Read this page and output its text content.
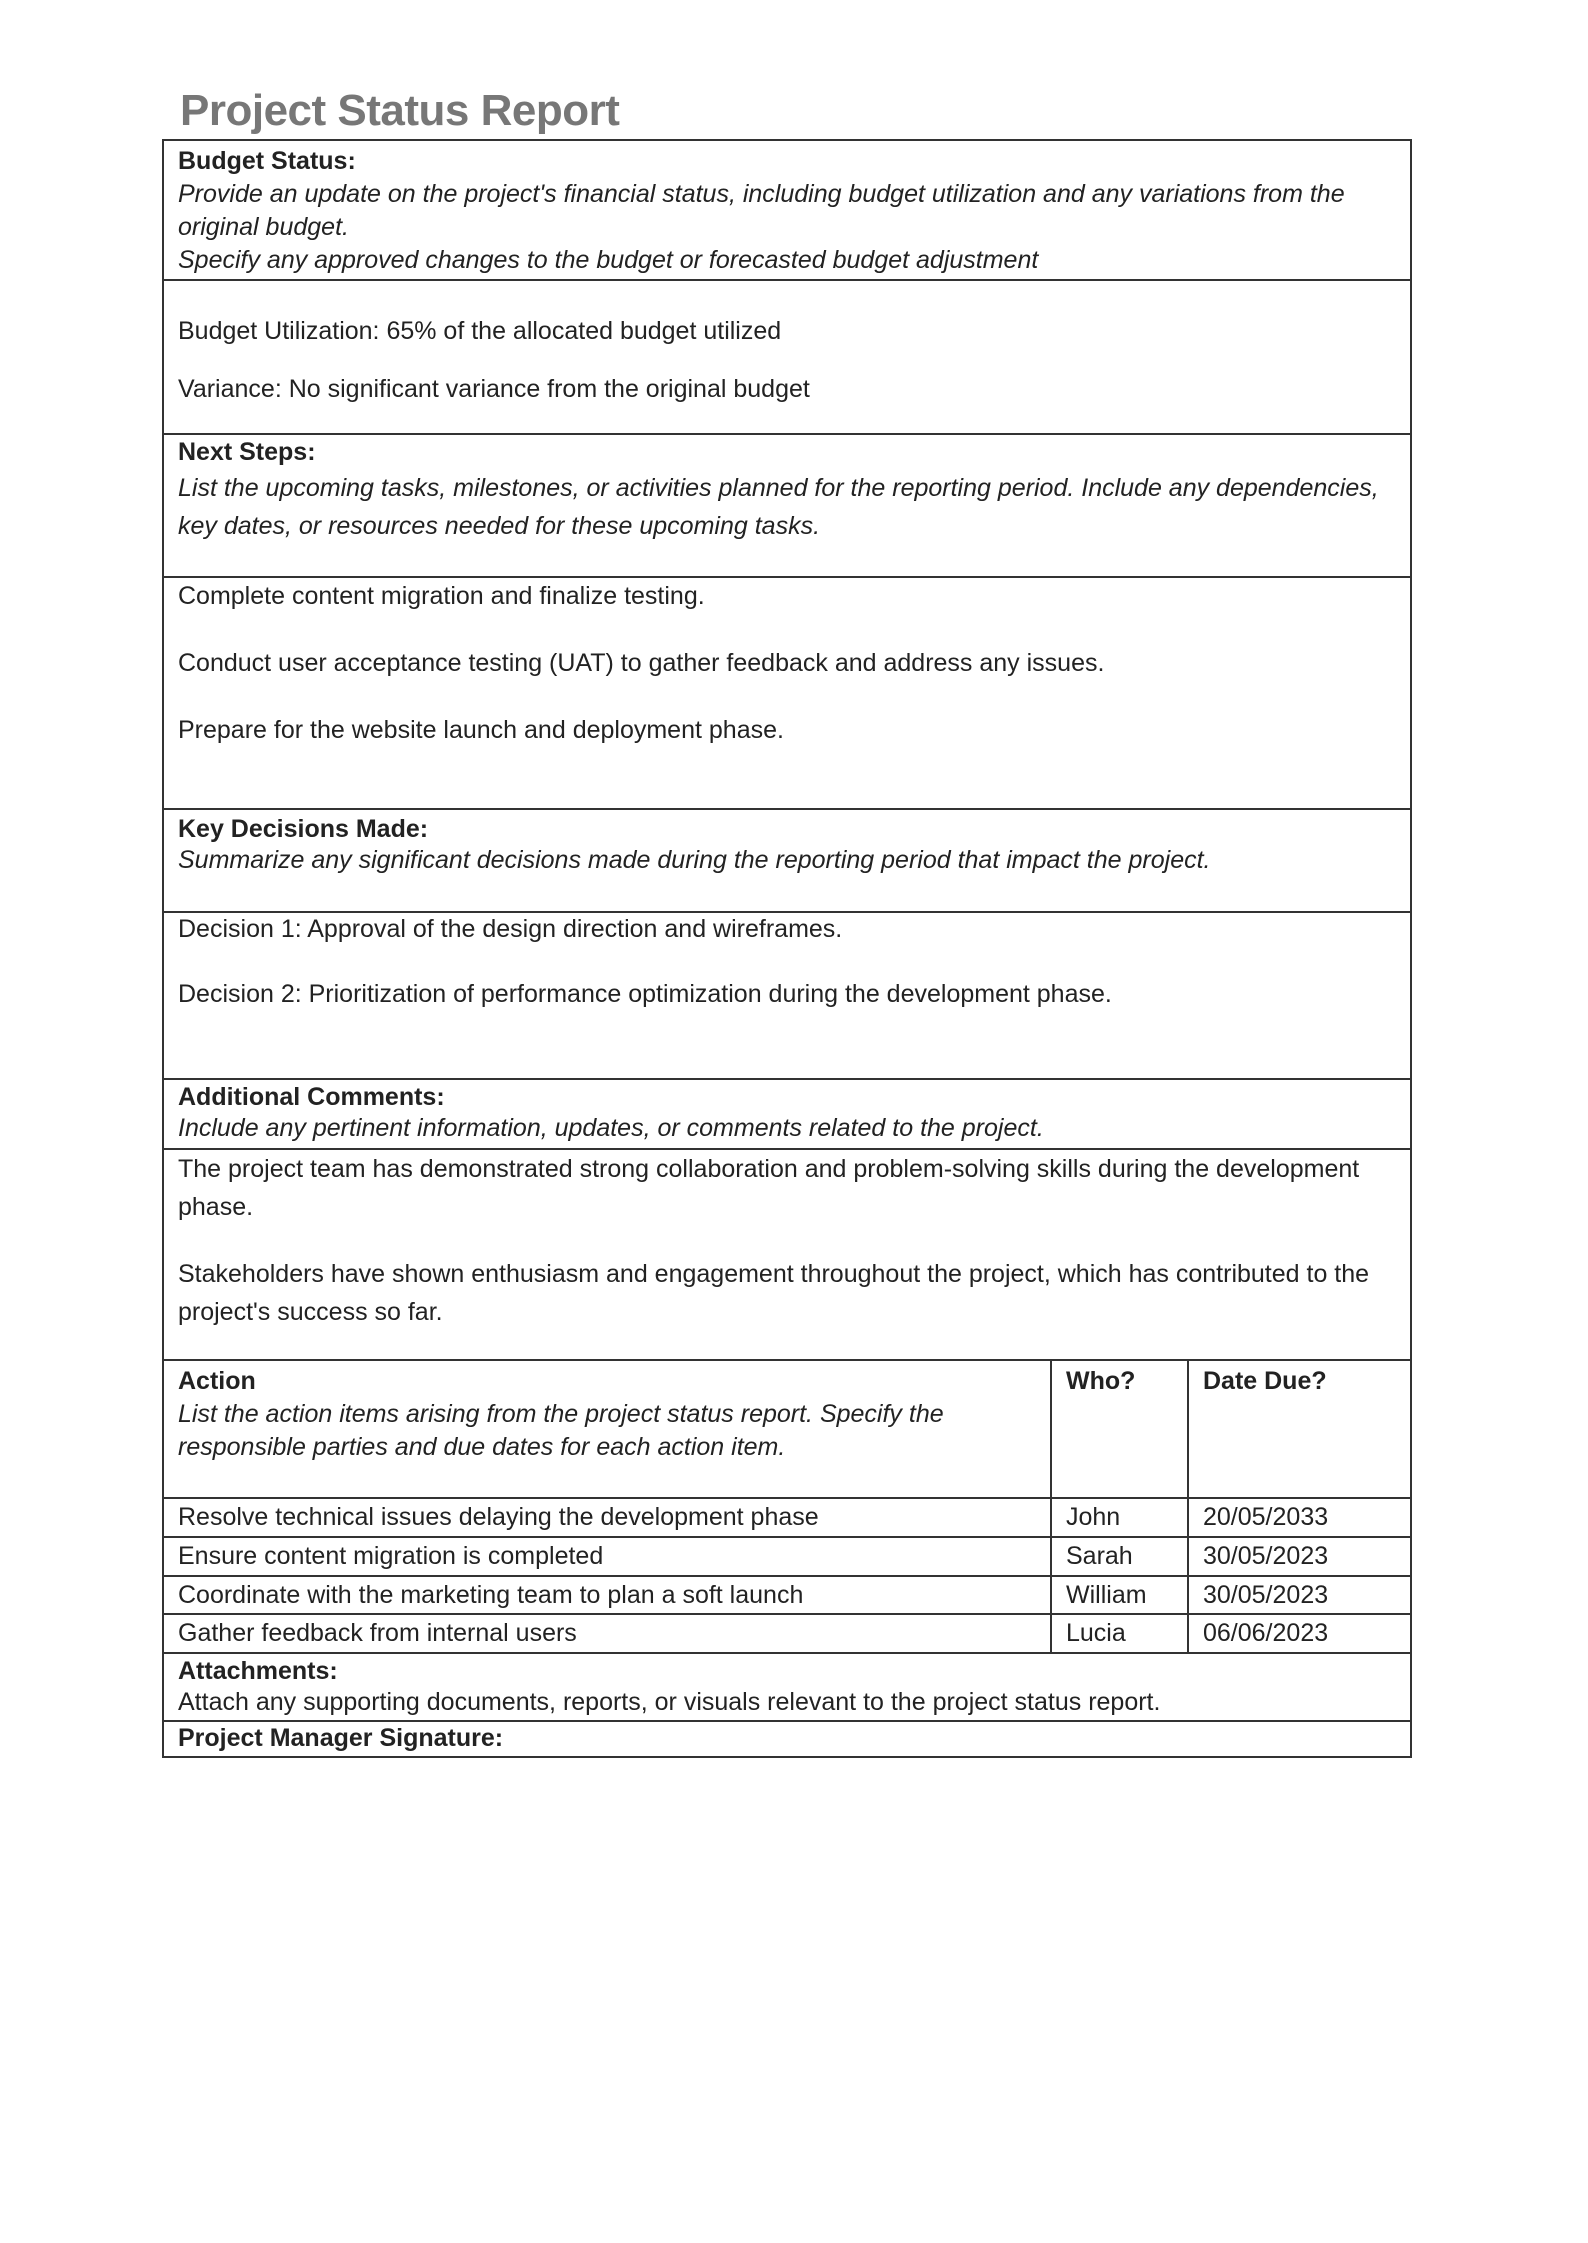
Project Status Report
Budget Status:
Provide an update on the project's financial status, including budget utilization and any variations from the original budget.
Specify any approved changes to the budget or forecasted budget adjustment		

Budget Utilization: 65% of the allocated budget utilized

Variance: No significant variance from the original budget		

Next Steps:
List the upcoming tasks, milestones, or activities planned for the reporting period. Include any dependencies, key dates, or resources needed for these upcoming tasks.		

Complete content migration and finalize testing.

Conduct user acceptance testing (UAT) to gather feedback and address any issues.

Prepare for the website launch and deployment phase.		

Key Decisions Made:
Summarize any significant decisions made during the reporting period that impact the project.		

Decision 1: Approval of the design direction and wireframes.

Decision 2: Prioritization of performance optimization during the development phase.		

Additional Comments:
Include any pertinent information, updates, or comments related to the project.		

The project team has demonstrated strong collaboration and problem-solving skills during the development phase.

Stakeholders have shown enthusiasm and engagement throughout the project, which has contributed to the project's success so far.		

Action
List the action items arising from the project status report. Specify the responsible parties and due dates for each action item.	Who?	Date Due?
Resolve technical issues delaying the development phase	John	20/05/2033
Ensure content migration is completed	Sarah	30/05/2023
Coordinate with the marketing team to plan a soft launch	William	30/05/2023
Gather feedback from internal users	Lucia	06/06/2023

Attachments:
Attach any supporting documents, reports, or visuals relevant to the project status report.		

Project Manager Signature:		
